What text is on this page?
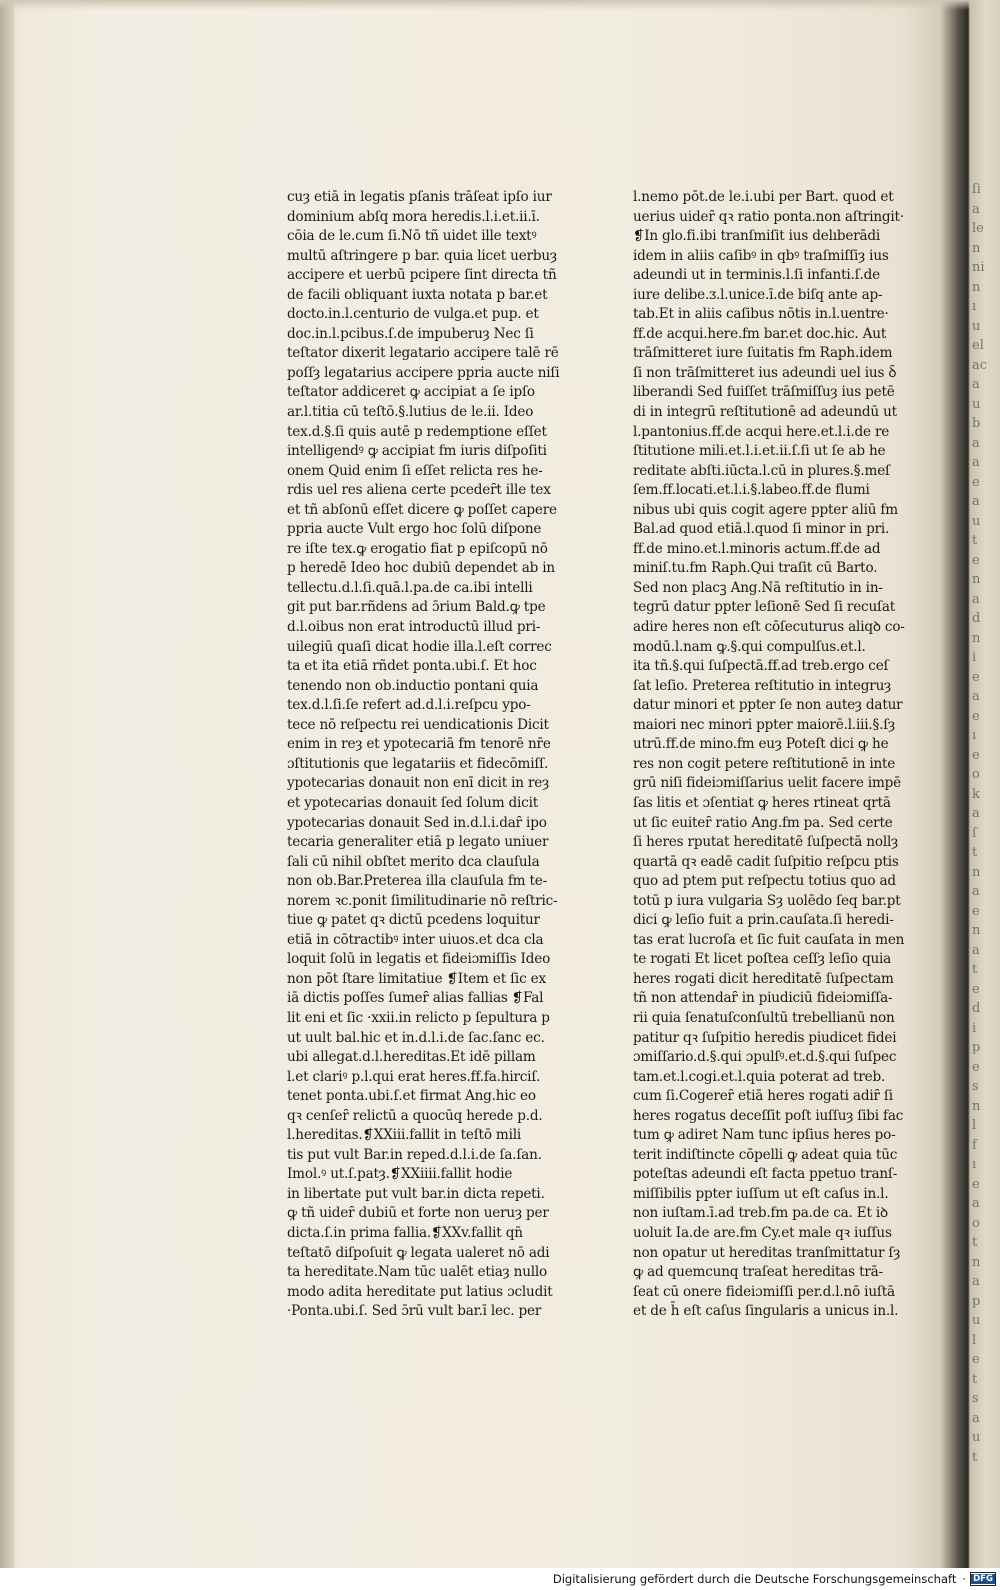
cuȝ etiā in legatis pſanis trāſeat ipſo iur
dominium abſq mora heredis.l.i.et.ii.ī.
cōia de le.cum ſi.Nō tñ uidet ille textꝰ
multū aſtringere p bar. quia licet uerbuȝ
accipere et uerbū pcipere ſint directa tñ
de facili obliquant iuxta notata p bar.et
docto.in.l.centurio de vulga.et pup. et
doc.in.l.pcibus.ſ.de impuberuȝ Nec ſi
teſtator dixerit legatario accipere talē rē
poſſȝ legatarius accipere ppria aucte niſi
teſtator addiceret ꝙ accipiat a ſe ipſo
ar.l.titia cū teſtō.§.lutius de le.ii. Ideo
tex.d.§.ſi quis autē p redemptione eſſet
intelligendꝰ ꝙ accipiat fm iuris diſpoſiti
onem Quid enim ſi eſſet relicta res he-
rdis uel res aliena certe pcedeȓt ille tex
et tñ abſonū eſſet dicere ꝙ poſſet capere
ppria aucte Vult ergo hoc ſolū diſpone
re iſte tex.ꝙ erogatio fiat p epiſcopū nō
p heredē Ideo hoc dubiū dependet ab in
tellectu.d.l.ſi.quā.l.pa.de ca.ibi intelli
git put bar.rñdens ad ɔ̄rium Bald.ꝙ tpe
d.l.oibus non erat introductū illud pri-
uilegiū quaſi dicat hodie illa.l.eſt correc
ta et ita etiā rñdet ponta.ubi.ſ. Et hoc
tenendo non ob.inductio pontani quia
tex.d.l.ſi.ſe refert ad.d.l.i.reſpcu ypo-
tece nō reſpectu rei uendicationis Dicit
enim in reȝ et ypotecariā fm tenorē nr̄e
ɔſtitutionis que legatariis et fidecōmiſſ.
ypotecarias donauit non enī dicit in reȝ
et ypotecarias donauit ſed ſolum dicit
ypotecarias donauit Sed in.d.l.i.daȓ ipo
tecaria generaliter etiā p legato uniuer
ſali cū nihil obſtet merito dca clauſula
non ob.Bar.Preterea illa clauſula fm te-
norem ꝛc.ponit ſimilitudinarie nō reſtric-
tiue ꝙ patet qꝛ dictū pcedens loquitur
etiā in cōtractibꝰ inter uiuos.et dca cla
loquit ſolū in legatis et fideiɔmiſſis Ideo
non pōt ſtare limitatiue ❡Item et ſic ex
iā dictis poſſes ſumeȓ alias fallias ❡Fal
lit eni et ſic ·xxii.in relicto p ſepultura p
ut uult bal.hic et in.d.l.i.de ſac.ſanc ec.
ubi allegat.d.l.hereditas.Et idē pillam
l.et clariꝰ p.l.qui erat heres.ff.fa.hirciſ.
tenet ponta.ubi.ſ.et firmat Ang.hic eo
qꝛ cenſeȓ relictū a quocūq herede p.d.
l.hereditas.❡XXiii.fallit in teſtō mili
tis put vult Bar.in reped.d.l.i.de ſa.ſan.
Imol.ꝰ ut.ſ.patȝ.❡XXiiii.fallit hodie
in libertate put vult bar.in dicta repeti.
ꝙ tñ uideȓ dubiū et forte non ueruȝ per
dicta.ſ.in prima fallia.❡XXv.fallit qn̄
teſtatō diſpoſuit ꝙ legata ualeret nō adi
ta hereditate.Nam tūc ualēt etiaȝ nullo
modo adita hereditate put latius ɔcludit
·Ponta.ubi.ſ. Sed ɔ̄rū vult bar.ī lec. per
l.nemo pōt.de le.i.ubi per Bart. quod et
uerius uideȓ qꝛ ratio ponta.non aſtringit·
❡In glo.fi.ibi tranſmiſit ius delıberādi
idem in aliis caſibꝰ in qbꝰ traſmiſſiȝ ius
adeundi ut in terminis.l.ſi infanti.ſ.de
iure delibe.ᴣ.l.unice.ī.de biſq ante ap-
tab.Et in aliis caſibus nōtis in.l.uentre·
ff.de acqui.here.fm bar.et doc.hic. Aut
trāſmitteret iure ſuitatis fm Raph.idem
ſi non trāſmitteret ius adeundi uel ius ꝺ̄
liberandi Sed fuiſſet trāſmiſſuȝ ius petē
di in integrū reſtitutionē ad adeundū ut
l.pantonius.ff.de acqui here.et.l.i.de re
ſtitutione mili.et.l.i.et.ii.ſ.ſi ut ſe ab he
reditate abſti.iūcta.l.cū in plures.§.meſ
ſem.ff.locati.et.l.i.§.labeo.ff.de flumi
nibus ubi quis cogit agere ppter aliū fm
Bal.ad quod etiā.l.quod ſi minor in pri.
ff.de mino.et.l.minoris actum.ff.de ad
miniſ.tu.fm Raph.Qui traſit cū Barto.
Sed non placꝫ Ang.Nā reſtitutio in in-
tegrū datur ppter leſionē Sed ſi recuſat
adire heres non eſt cōſecuturus aliqꝺ co-
modū.l.nam ꝙ.§.qui compulſus.et.l.
ita tñ.§.qui ſuſpectā.ff.ad treb.ergo ceſ
ſat leſio. Preterea reſtitutio in integruȝ
datur minori et ppter ſe non auteȝ datur
maiori nec minori ppter maiorē.l.iii.§.ſȝ
utrū.ff.de mino.fm euȝ Poteſt dici ꝙ he
res non cogit petere reſtitutionē in inte
grū niſi fideiɔmiſſarius uelit facere impē
ſas litis et ɔſentiat ꝙ heres rtineat qrtā
ut ſic euiteȓ ratio Ang.fm pa. Sed certe
ſi heres rputat hereditatē ſuſpectā nollȝ
quartā qꝛ eadē cadit ſuſpitio reſpcu ptis
quo ad ptem put reſpectu totius quo ad
totū p iura vulgaria Sȝ uolēdo ſeq bar.pt
dici ꝙ leſio fuit a prin.cauſata.ſi heredi-
tas erat lucroſa et ſic fuit cauſata in men
te rogati Et licet poſtea ceſſȝ leſio quia
heres rogati dicit hereditatē ſuſpectam
tñ non attendaȓ in piudiciū fideiɔmiſſa-
rii quia ſenatuſconſultū trebellianū non
patitur qꝛ ſuſpitio heredis piudicet fidei
ɔmiſſario.d.§.qui ɔpulſꝰ.et.d.§.qui ſuſpec
tam.et.l.cogi.et.l.quia poterat ad treb.
cum ſi.Cogereȓ etiā heres rogati adiȓ ſi
heres rogatus deceſſit poſt iuſſuȝ ſibi fac
tum ꝙ adiret Nam tunc ipſius heres po-
terit indiſtincte cōpelli ꝙ adeat quia tūc
poteſtas adeundi eſt facta ppetuo tranſ-
miſſibilis ppter iuſſum ut eſt caſus in.l.
non iuſtam.ī.ad treb.fm pa.de ca. Et iꝺ
uoluit Ia.de are.fm Cy.et male qꝛ iuſſus
non opatur ut hereditas tranſmittatur ſȝ
ꝙ ad quemcunq traſeat hereditas trā-
ſeat cū onere fideiɔmiſſi per.d.l.nō iuſtā
et de h̄ eſt caſus ſingularis a unicus in.l.
ſi
a
le
n
ni
n
ı
u
el
ac
a
u
b
a
a
e
a
u
t
e
n
a
d
n
i
e
a
e
ı
e
o
k
a
ſ
t
n
a
e
n
a
t
e
d
i
p
e
s
n
l
f
ı
e
a
o
t
n
a
p
u
l
e
t
s
a
u
t
Digitalisierung gefördert durch die Deutsche Forschungsgemeinschaft · DFG
